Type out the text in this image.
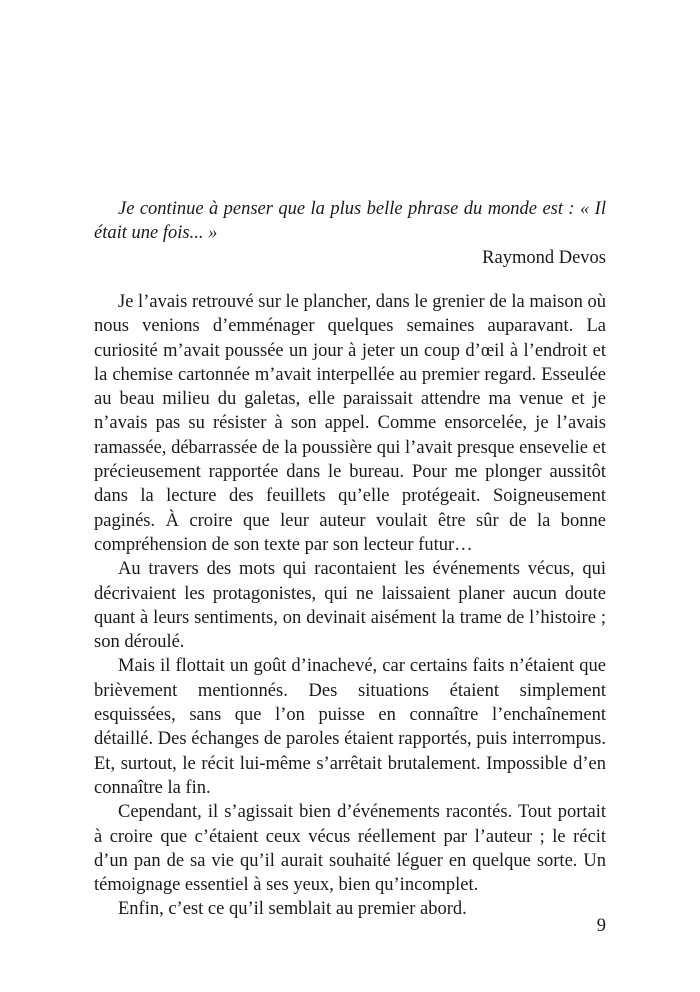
Je continue à penser que la plus belle phrase du monde est : « Il était une fois... »

Raymond Devos

Je l’avais retrouvé sur le plancher, dans le grenier de la maison où nous venions d’emménager quelques semaines auparavant. La curiosité m’avait poussée un jour à jeter un coup d’œil à l’endroit et la chemise cartonnée m’avait interpellée au premier regard. Esseulée au beau milieu du galetas, elle paraissait attendre ma venue et je n’avais pas su résister à son appel. Comme ensorcelée, je l’avais ramassée, débarrassée de la poussière qui l’avait presque ensevelie et précieusement rapportée dans le bureau. Pour me plonger aussitôt dans la lecture des feuillets qu’elle protégeait. Soigneusement paginés. À croire que leur auteur voulait être sûr de la bonne compréhension de son texte par son lecteur futur…

Au travers des mots qui racontaient les événements vécus, qui décrivaient les protagonistes, qui ne laissaient planer aucun doute quant à leurs sentiments, on devinait aisément la trame de l’histoire ; son déroulé.

Mais il flottait un goût d’inachevé, car certains faits n’étaient que brièvement mentionnés. Des situations étaient simplement esquissées, sans que l’on puisse en connaître l’enchaînement détaillé. Des échanges de paroles étaient rapportés, puis interrompus. Et, surtout, le récit lui-même s’arrêtait brutalement. Impossible d’en connaître la fin.

Cependant, il s’agissait bien d’événements racontés. Tout portait à croire que c’étaient ceux vécus réellement par l’auteur ; le récit d’un pan de sa vie qu’il aurait souhaité léguer en quelque sorte. Un témoignage essentiel à ses yeux, bien qu’incomplet.

Enfin, c’est ce qu’il semblait au premier abord.

9
